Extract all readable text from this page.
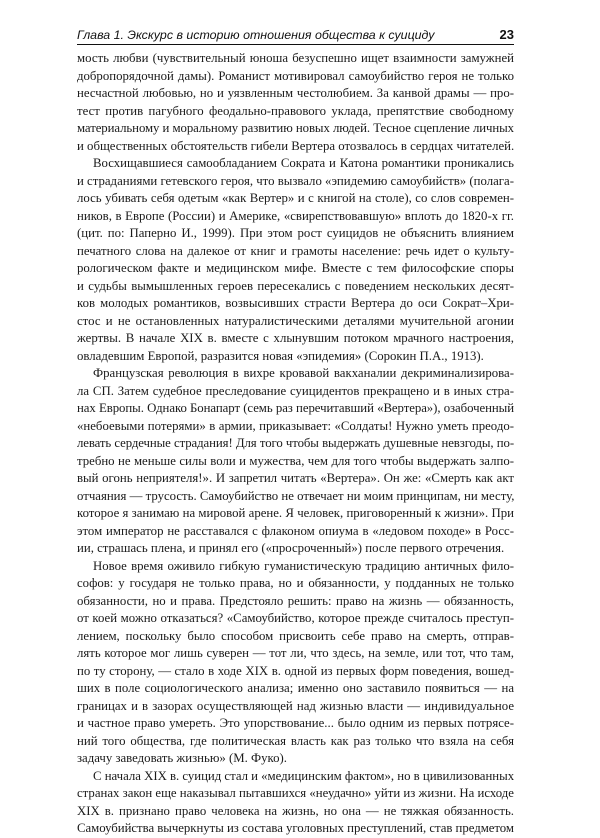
Глава 1. Экскурс в историю отношения общества к суициду	23
мость любви (чувствительный юноша безуспешно ищет взаимности замужней
добропорядочной дамы). Романист мотивировал самоубийство героя не только
несчастной любовью, но и уязвленным честолюбием. За канвой драмы — про-
тест против пагубного феодально-правового уклада, препятствие свободному
материальному и моральному развитию новых людей. Тесное сцепление личных
и общественных обстоятельств гибели Вертера отозвалось в сердцах читателей.
Восхищавшиеся самообладанием Сократа и Катона романтики проникались
и страданиями гетевского героя, что вызвало «эпидемию самоубийств» (полага-
лось убивать себя одетым «как Вертер» и с книгой на столе), со слов современ-
ников, в Европе (России) и Америке, «свирепствовавшую» вплоть до 1820-х гг.
(цит. по: Паперно И., 1999). При этом рост суицидов не объяснить влиянием
печатного слова на далекое от книг и грамоты население: речь идет о культу-
рологическом факте и медицинском мифе. Вместе с тем философские споры
и судьбы вымышленных героев пересекались с поведением нескольких десят-
ков молодых романтиков, возвысивших страсти Вертера до оси Сократ–Хри-
стос и не остановленных натуралистическими деталями мучительной агонии
жертвы. В начале XIX в. вместе с хлынувшим потоком мрачного настроения,
овладевшим Европой, разразится новая «эпидемия» (Сорокин П.А., 1913).
Французская революция в вихре кровавой вакханалии декриминализирова-
ла СП. Затем судебное преследование суицидентов прекращено и в иных стра-
нах Европы. Однако Бонапарт (семь раз перечитавший «Вертера»), озабоченный
«небоевыми потерями» в армии, приказывает: «Солдаты! Нужно уметь преодо-
левать сердечные страдания! Для того чтобы выдержать душевные невзгоды, по-
требно не меньше силы воли и мужества, чем для того чтобы выдержать залпо-
вый огонь неприятеля!». И запретил читать «Вертера». Он же: «Смерть как акт
отчаяния — трусость. Самоубийство не отвечает ни моим принципам, ни месту,
которое я занимаю на мировой арене. Я человек, приговоренный к жизни». При
этом император не расставался с флаконом опиума в «ледовом походе» в Росс-
ии, страшась плена, и принял его («просроченный») после первого отречения.
Новое время оживило гибкую гуманистическую традицию античных фило-
софов: у государя не только права, но и обязанности, у подданных не только
обязанности, но и права. Предстояло решить: право на жизнь — обязанность,
от коей можно отказаться? «Самоубийство, которое прежде считалось преступ-
лением, поскольку было способом присвоить себе право на смерть, отправ-
лять которое мог лишь суверен — тот ли, что здесь, на земле, или тот, что там,
по ту сторону, — стало в ходе XIX в. одной из первых форм поведения, вошед-
ших в поле социологического анализа; именно оно заставило появиться — на
границах и в зазорах осуществляющей над жизнью власти — индивидуальное
и частное право умереть. Это упорствование... было одним из первых потрясе-
ний того общества, где политическая власть как раз только что взяла на себя
задачу заведовать жизнью» (М. Фуко).
С начала XIX в. суицид стал и «медицинским фактом», но в цивилизованных
странах закон еще наказывал пытавшихся «неудачно» уйти из жизни. На исходе
XIX в. признано право человека на жизнь, но она — не тяжкая обязанность.
Самоубийства вычеркнуты из состава уголовных преступлений, став предметом
